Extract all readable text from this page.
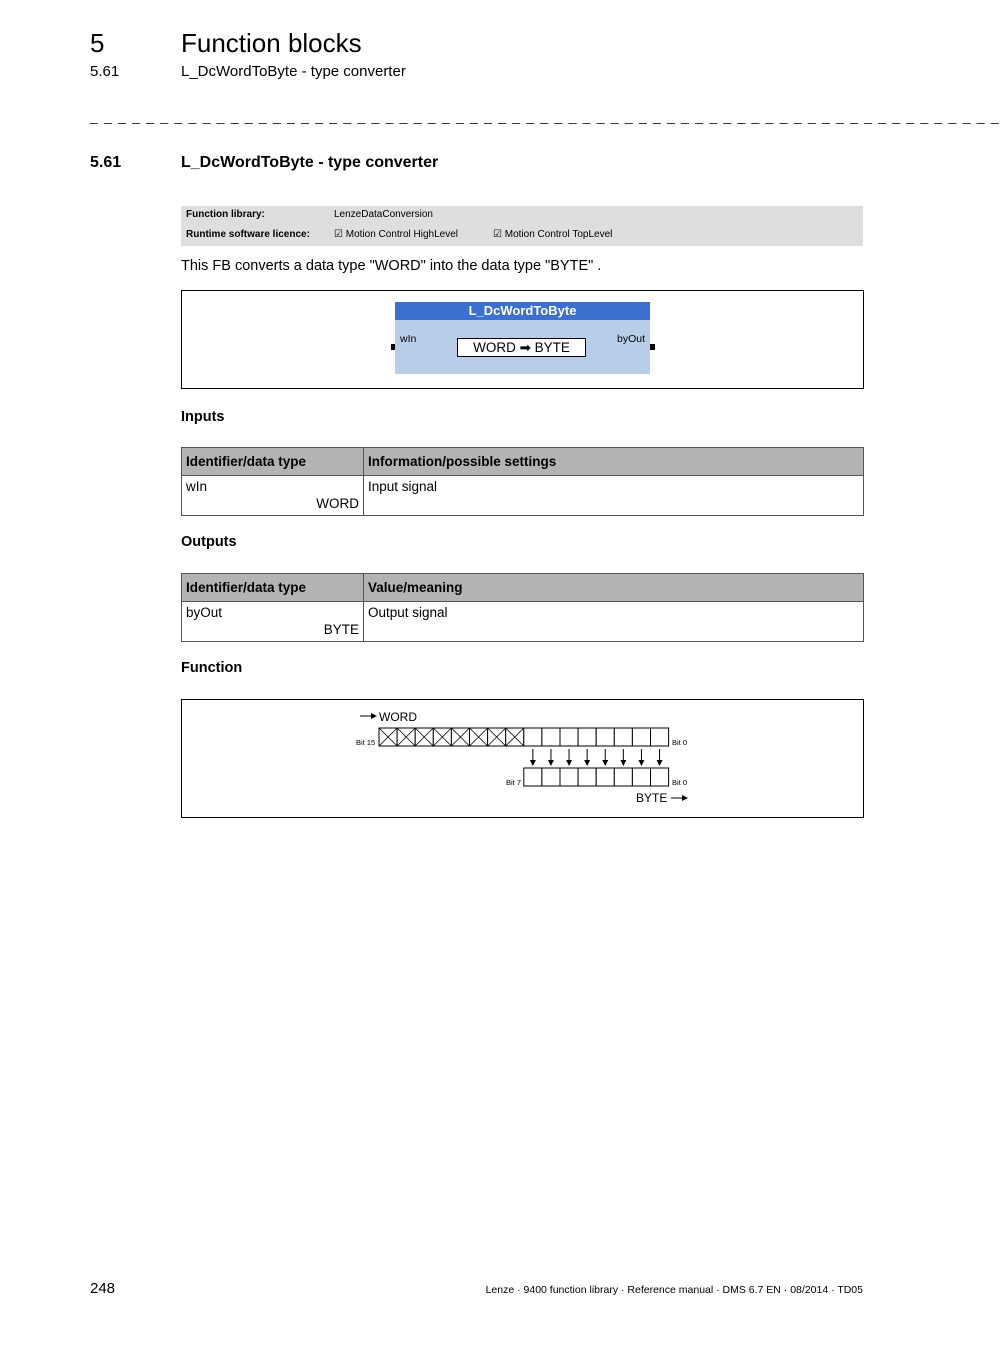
5	Function blocks
5.61	L_DcWordToByte - type converter
_ _ _ _ _ _ _ _ _ _ _ _ _ _ _ _ _ _ _ _ _ _ _ _ _ _ _ _ _ _ _ _ _ _ _ _ _ _ _ _ _ _ _ _ _ _ _ _ _ _ _ _ _ _ _ _ _ _ _ _ _ _ _ _ _
5.61	L_DcWordToByte - type converter
Function library:	LenzeDataConversion
Runtime software licence: ☑ Motion Control HighLevel	☑ Motion Control TopLevel
This FB converts a data type "WORD" into the data type "BYTE" .
L_DcWordToByte
wIn	byOut
WORD ➡ BYTE
Inputs
Identifier/data type	Information/possible settings

wIn
WORD	Input signal
Outputs
Identifier/data type	Value/meaning

byOut
BYTE	Output signal
Function
WORD
Bit 15	Bit 0
Bit 7	Bit 0
BYTE
248	Lenze · 9400 function library · Reference manual · DMS 6.7 EN · 08/2014 · TD05
